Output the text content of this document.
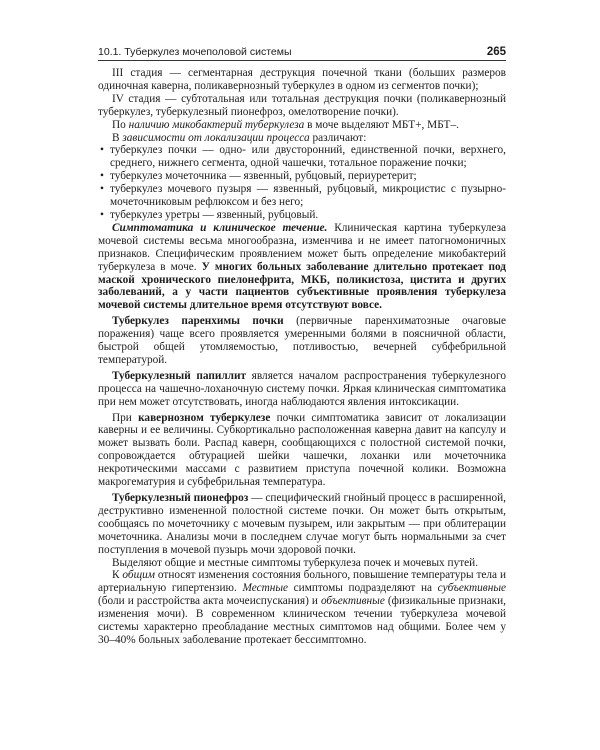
10.1. Туберкулез мочеполовой системы	265

III стадия — сегментарная деструкция почечной ткани (больших размеров одиночная каверна, поликавернозный туберкулез в одном из сегментов почки);

IV стадия — субтотальная или тотальная деструкция почки (поликавернозный туберкулез, туберкулезный пионефроз, омелотворение почки).

По наличию микобактерий туберкулеза в моче выделяют МБТ+, МБТ–.

В зависимости от локализации процесса различают:

• туберкулез почки — одно- или двусторонний, единственной почки, верхнего, среднего, нижнего сегмента, одной чашечки, тотальное поражение почки;
• туберкулез мочеточника — язвенный, рубцовый, периуретерит;
• туберкулез мочевого пузыря — язвенный, рубцовый, микроцистис с пузырно-мочеточниковым рефлюксом и без него;
• туберкулез уретры — язвенный, рубцовый.

Симптоматика и клиническое течение. Клиническая картина туберкулеза мочевой системы весьма многообразна, изменчива и не имеет патогномоничных признаков. Специфическим проявлением может быть определение микобактерий туберкулеза в моче. У многих больных заболевание длительно протекает под маской хронического пиелонефрита, МКБ, поликистоза, цистита и других заболеваний, а у части пациентов субъективные проявления туберкулеза мочевой системы длительное время отсутствуют вовсе.

Туберкулез паренхимы почки (первичные паренхиматозные очаговые поражения) чаще всего проявляется умеренными болями в поясничной области, быстрой общей утомляемостью, потливостью, вечерней субфебрильной температурой.

Туберкулезный папиллит является началом распространения туберкулезного процесса на чашечно-лоханочную систему почки. Яркая клиническая симптоматика при нем может отсутствовать, иногда наблюдаются явления интоксикации.

При кавернозном туберкулезе почки симптоматика зависит от локализации каверны и ее величины. Субкортикально расположенная каверна давит на капсулу и может вызвать боли. Распад каверн, сообщающихся с полостной системой почки, сопровождается обтурацией шейки чашечки, лоханки или мочеточника некротическими массами с развитием приступа почечной колики. Возможна макрогематурия и субфебрильная температура.

Туберкулезный пионефроз — специфический гнойный процесс в расширенной, деструктивно измененной полостной системе почки. Он может быть открытым, сообщаясь по мочеточнику с мочевым пузырем, или закрытым — при облитерации мочеточника. Анализы мочи в последнем случае могут быть нормальными за счет поступления в мочевой пузырь мочи здоровой почки.

Выделяют общие и местные симптомы туберкулеза почек и мочевых путей.

К общим относят изменения состояния больного, повышение температуры тела и артериальную гипертензию. Местные симптомы подразделяют на субъективные (боли и расстройства акта мочеиспускания) и объективные (физикальные признаки, изменения мочи). В современном клиническом течении туберкулеза мочевой системы характерно преобладание местных симптомов над общими. Более чем у 30–40% больных заболевание протекает бессимптомно.
